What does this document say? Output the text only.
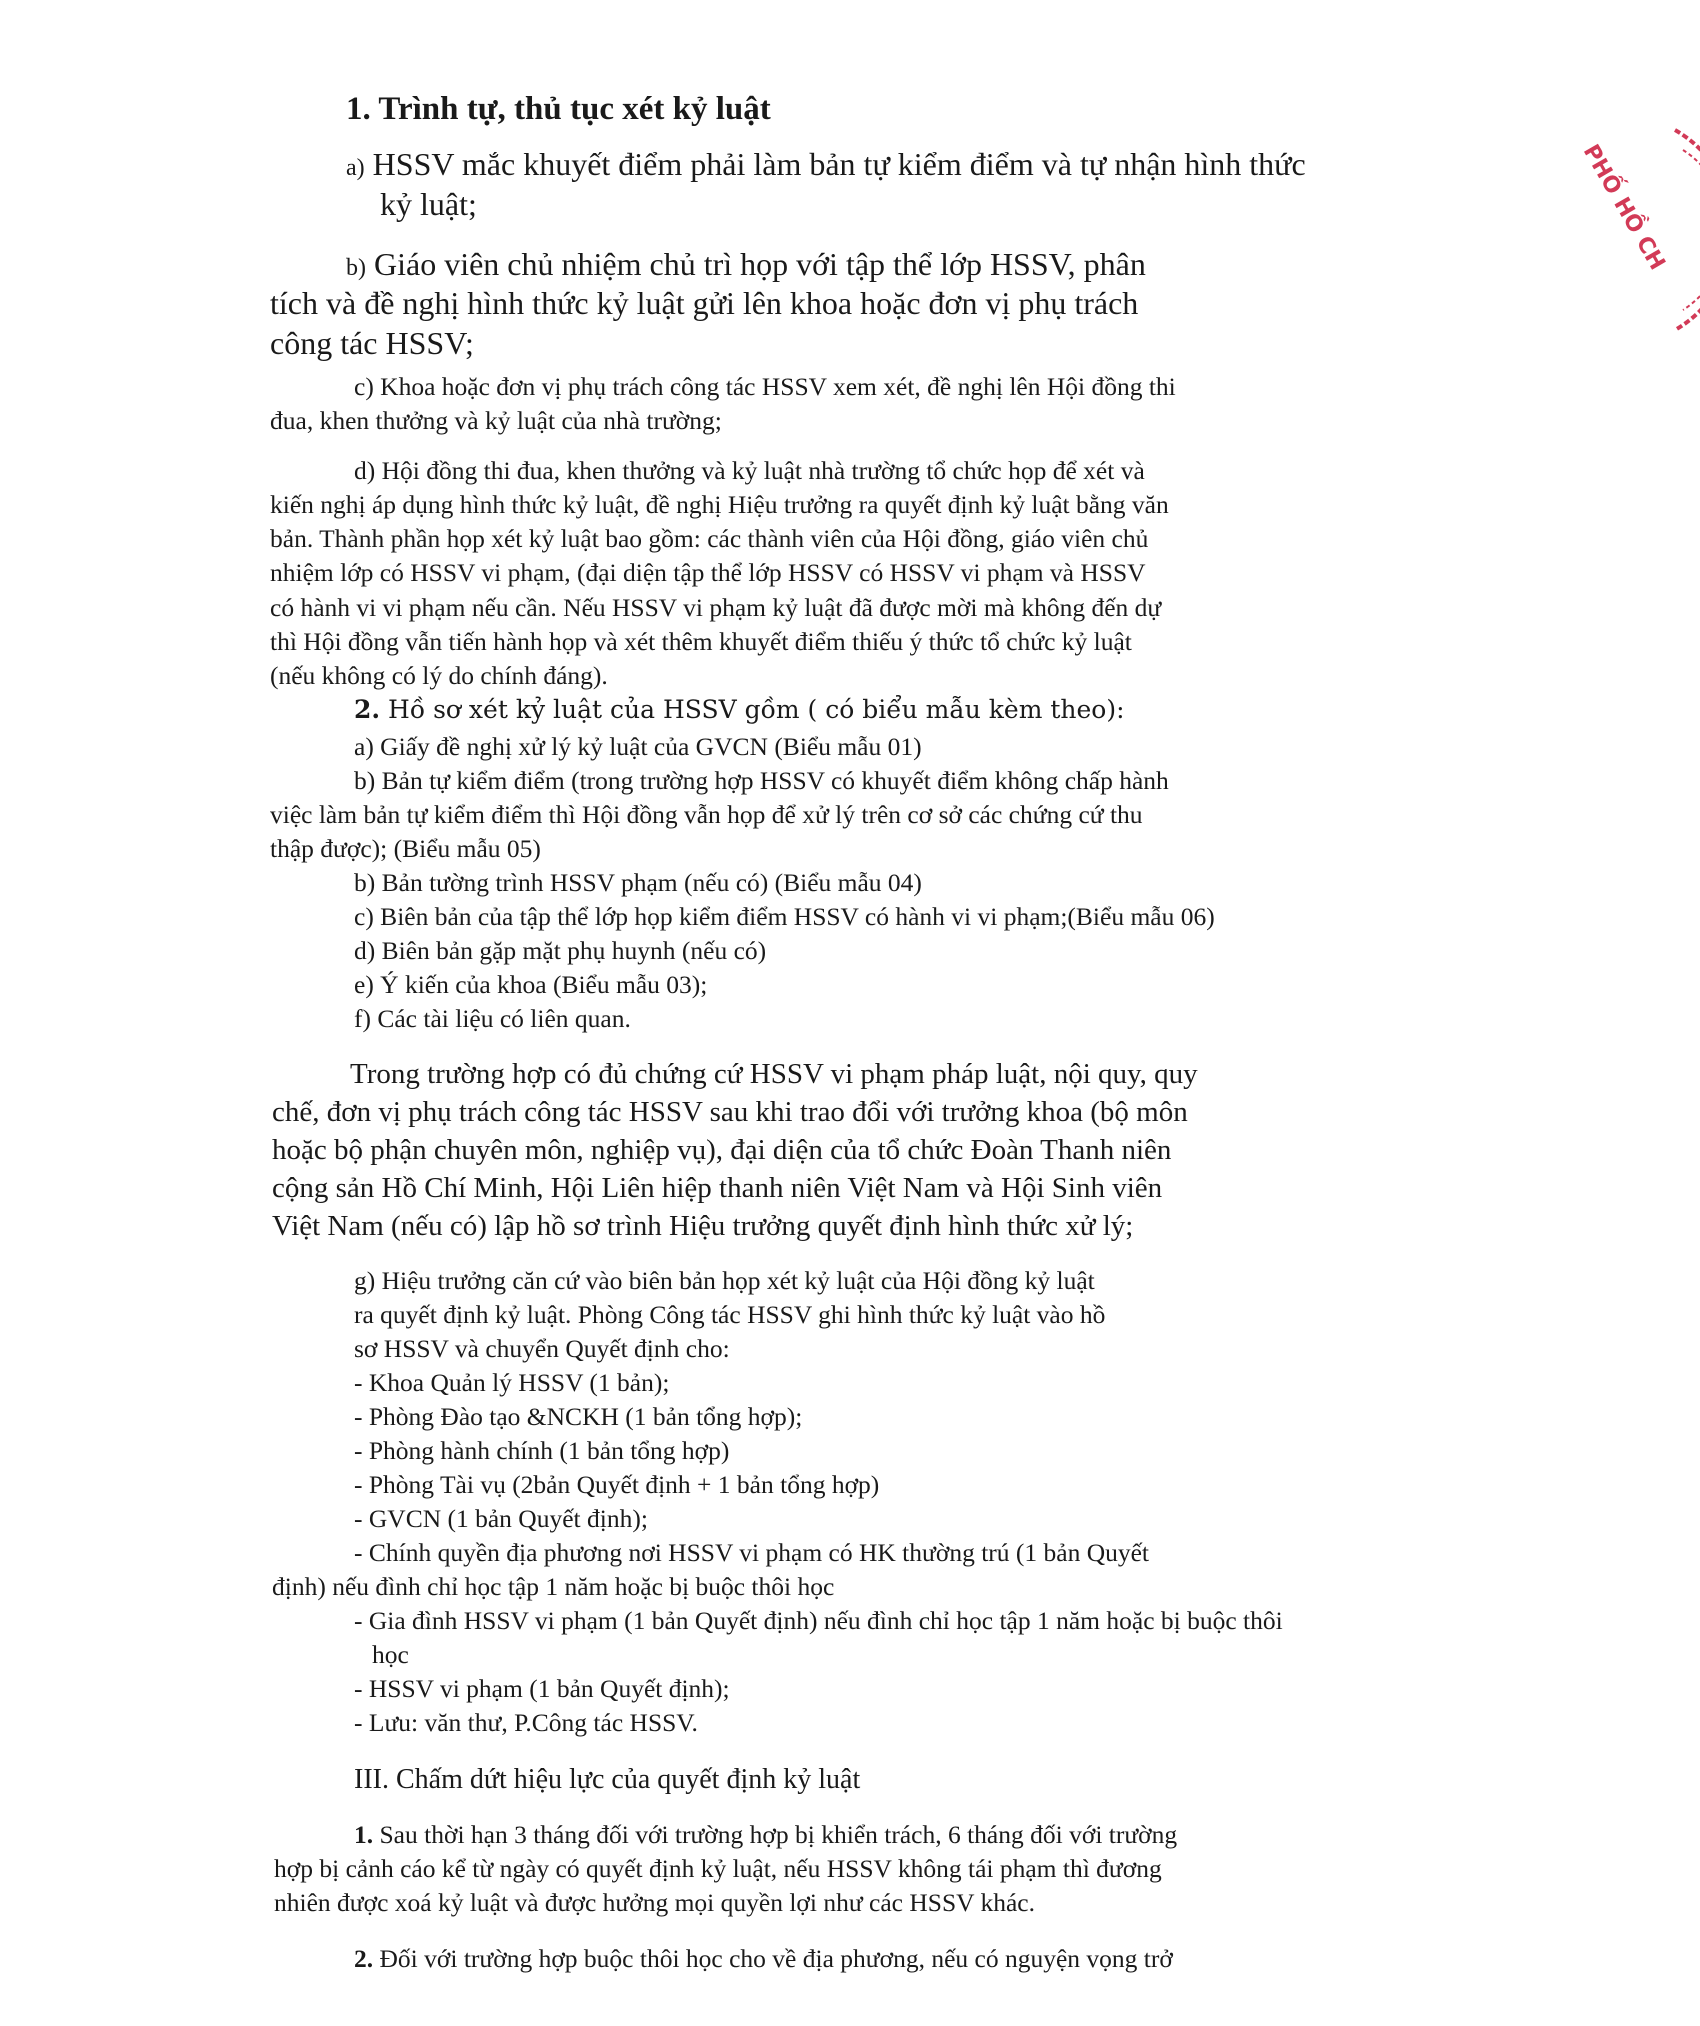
1. Trình tự, thủ tục xét kỷ luật
a) HSSV mắc khuyết điểm phải làm bản tự kiểm điểm và tự nhận hình thức
kỷ luật;
b) Giáo viên chủ nhiệm chủ trì họp với tập thể lớp HSSV, phân
tích và đề nghị hình thức kỷ luật gửi lên khoa hoặc đơn vị phụ trách
công tác HSSV;
c) Khoa hoặc đơn vị phụ trách công tác HSSV xem xét, đề nghị lên Hội đồng thi
đua, khen thưởng và kỷ luật của nhà trường;
d) Hội đồng thi đua, khen thưởng và kỷ luật nhà trường tổ chức họp để xét và
kiến nghị áp dụng hình thức kỷ luật, đề nghị Hiệu trưởng ra quyết định kỷ luật bằng văn
bản. Thành phần họp xét kỷ luật bao gồm: các thành viên của Hội đồng, giáo viên chủ
nhiệm lớp có HSSV vi phạm, (đại diện tập thể lớp HSSV có HSSV vi phạm và HSSV
có hành vi vi phạm nếu cần. Nếu HSSV vi phạm kỷ luật đã được mời mà không đến dự
thì Hội đồng vẫn tiến hành họp và xét thêm khuyết điểm thiếu ý thức tổ chức kỷ luật
(nếu không có lý do chính đáng).
2. Hồ sơ xét kỷ luật của HSSV gồm ( có biểu mẫu kèm theo):
a) Giấy đề nghị xử lý kỷ luật của GVCN (Biểu mẫu 01)
b) Bản tự kiểm điểm (trong trường hợp HSSV có khuyết điểm không chấp hành
việc làm bản tự kiểm điểm thì Hội đồng vẫn họp để xử lý trên cơ sở các chứng cứ thu
thập được); (Biểu mẫu 05)
b) Bản tường trình HSSV phạm (nếu có) (Biểu mẫu 04)
c) Biên bản của tập thể lớp họp kiểm điểm HSSV có hành vi vi phạm;(Biểu mẫu 06)
d) Biên bản gặp mặt phụ huynh (nếu có)
e) Ý kiến của khoa (Biểu mẫu 03);
f) Các tài liệu có liên quan.
Trong trường hợp có đủ chứng cứ HSSV vi phạm pháp luật, nội quy, quy
chế, đơn vị phụ trách công tác HSSV sau khi trao đổi với trưởng khoa (bộ môn
hoặc bộ phận chuyên môn, nghiệp vụ), đại diện của tổ chức Đoàn Thanh niên
cộng sản Hồ Chí Minh, Hội Liên hiệp thanh niên Việt Nam và Hội Sinh viên
Việt Nam (nếu có) lập hồ sơ trình Hiệu trưởng quyết định hình thức xử lý;
g) Hiệu trưởng căn cứ vào biên bản họp xét kỷ luật của Hội đồng kỷ luật
ra quyết định kỷ luật. Phòng Công tác HSSV ghi hình thức kỷ luật vào hồ
sơ HSSV và chuyển Quyết định cho:
- Khoa Quản lý HSSV (1 bản);
- Phòng Đào tạo &NCKH (1 bản tổng hợp);
- Phòng hành chính (1 bản tổng hợp)
- Phòng Tài vụ (2bản Quyết định + 1 bản tổng hợp)
- GVCN (1 bản Quyết định);
- Chính quyền địa phương nơi HSSV vi phạm có HK thường trú (1 bản Quyết
định) nếu đình chỉ học tập 1 năm hoặc bị buộc thôi học
- Gia đình HSSV vi phạm (1 bản Quyết định) nếu đình chỉ học tập 1 năm hoặc bị buộc thôi
học
- HSSV vi phạm (1 bản Quyết định);
- Lưu: văn thư, P.Công tác HSSV.
III. Chấm dứt hiệu lực của quyết định kỷ luật
1. Sau thời hạn 3 tháng đối với trường hợp bị khiển trách, 6 tháng đối với trường
hợp bị cảnh cáo kể từ ngày có quyết định kỷ luật, nếu HSSV không tái phạm thì đương
nhiên được xoá kỷ luật và được hưởng mọi quyền lợi như các HSSV khác.
2. Đối với trường hợp buộc thôi học cho về địa phương, nếu có nguyện vọng trở
PHỐ HỒ CH
